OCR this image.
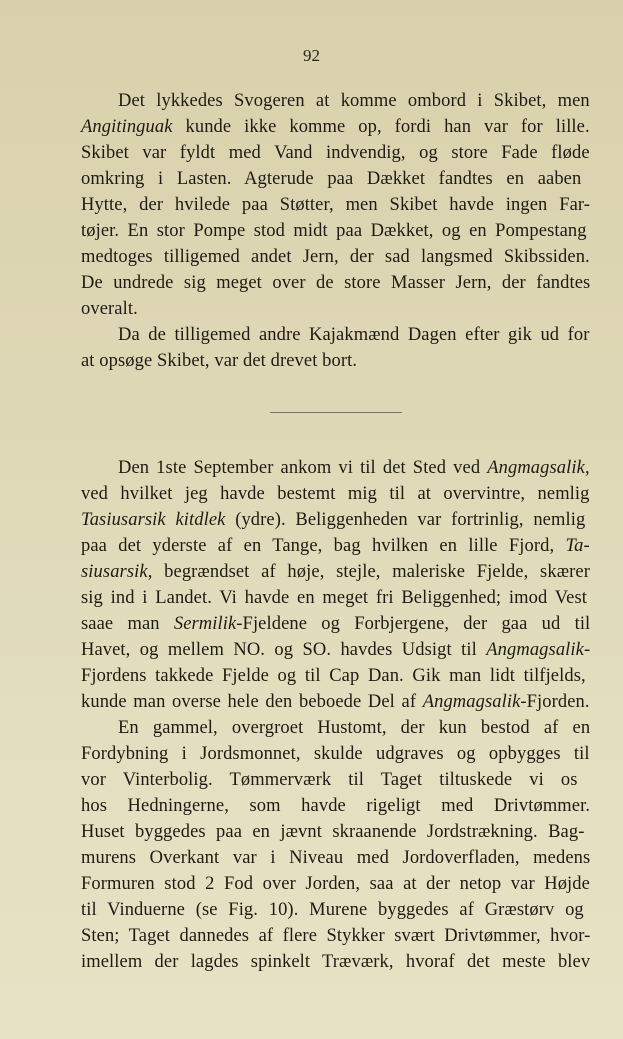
92
Det lykkedes Svogeren at komme ombord i Skibet, men
Angitinguak kunde ikke komme op, fordi han var for lille.
Skibet var fyldt med Vand indvendig, og store Fade fløde
omkring i Lasten. Agterude paa Dækket fandtes en aaben
Hytte, der hvilede paa Støtter, men Skibet havde ingen Far-
tøjer. En stor Pompe stod midt paa Dækket, og en Pompestang
medtoges tilligemed andet Jern, der sad langsmed Skibssiden.
De undrede sig meget over de store Masser Jern, der fandtes
overalt.
Da de tilligemed andre Kajakmænd Dagen efter gik ud for
at opsøge Skibet, var det drevet bort.
Den 1ste September ankom vi til det Sted ved Angmagsalik,
ved hvilket jeg havde bestemt mig til at overvintre, nemlig
Tasiusarsik kitdlek (ydre). Beliggenheden var fortrinlig, nemlig
paa det yderste af en Tange, bag hvilken en lille Fjord, Ta-
siusarsik, begrændset af høje, stejle, maleriske Fjelde, skærer
sig ind i Landet. Vi havde en meget fri Beliggenhed; imod Vest
saae man Sermilik-Fjeldene og Forbjergene, der gaa ud til
Havet, og mellem NO. og SO. havdes Udsigt til Angmagsalik-
Fjordens takkede Fjelde og til Cap Dan. Gik man lidt tilfjelds,
kunde man overse hele den beboede Del af Angmagsalik-Fjorden.
En gammel, overgroet Hustomt, der kun bestod af en
Fordybning i Jordsmonnet, skulde udgraves og opbygges til
vor Vinterbolig. Tømmerværk til Taget tiltuskede vi os
hos Hedningerne, som havde rigeligt med Drivtømmer.
Huset byggedes paa en jævnt skraanende Jordstrækning. Bag-
murens Overkant var i Niveau med Jordoverfladen, medens
Formuren stod 2 Fod over Jorden, saa at der netop var Højde
til Vinduerne (se Fig. 10). Murene byggedes af Græstørv og
Sten; Taget dannedes af flere Stykker svært Drivtømmer, hvor-
imellem der lagdes spinkelt Træværk, hvoraf det meste blev
